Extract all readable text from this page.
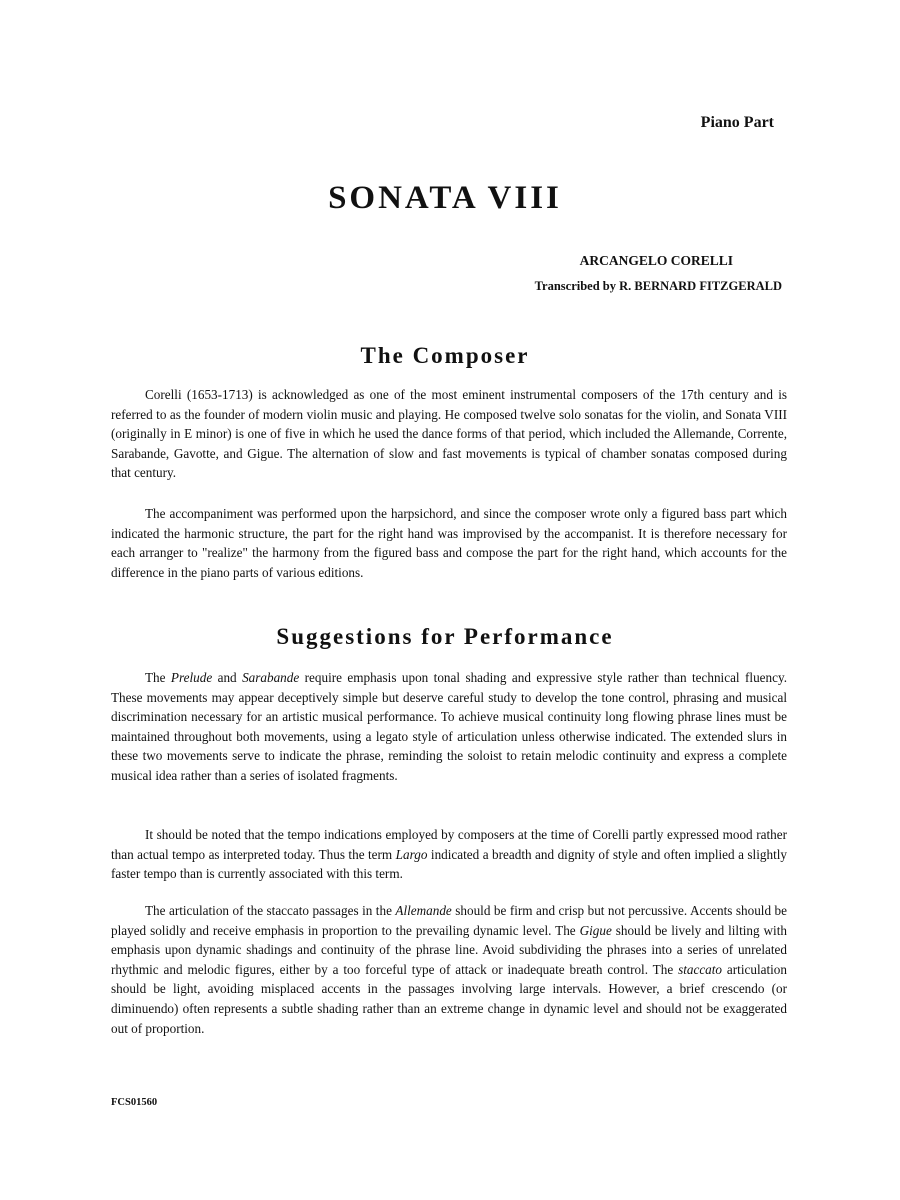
Piano Part
SONATA VIII
ARCANGELO CORELLI
Transcribed by R. BERNARD FITZGERALD
The Composer

Corelli (1653-1713) is acknowledged as one of the most eminent instrumental composers of the 17th century and is referred to as the founder of modern violin music and playing. He composed twelve solo sonatas for the violin, and Sonata VIII (originally in E minor) is one of five in which he used the dance forms of that period, which included the Allemande, Corrente, Sarabande, Gavotte, and Gigue. The alternation of slow and fast movements is typical of chamber sonatas composed during that century.

The accompaniment was performed upon the harpsichord, and since the composer wrote only a figured bass part which indicated the harmonic structure, the part for the right hand was improvised by the accompanist. It is therefore necessary for each arranger to "realize" the harmony from the figured bass and compose the part for the right hand, which accounts for the difference in the piano parts of various editions.

Suggestions for Performance

The Prelude and Sarabande require emphasis upon tonal shading and expressive style rather than technical fluency. These movements may appear deceptively simple but deserve careful study to develop the tone control, phrasing and musical discrimination necessary for an artistic musical performance. To achieve musical continuity long flowing phrase lines must be maintained throughout both movements, using a legato style of articulation unless otherwise indicated. The extended slurs in these two movements serve to indicate the phrase, reminding the soloist to retain melodic continuity and express a complete musical idea rather than a series of isolated fragments.

It should be noted that the tempo indications employed by composers at the time of Corelli partly expressed mood rather than actual tempo as interpreted today. Thus the term Largo indicated a breadth and dignity of style and often implied a slightly faster tempo than is currently associated with this term.

The articulation of the staccato passages in the Allemande should be firm and crisp but not percussive. Accents should be played solidly and receive emphasis in proportion to the prevailing dynamic level. The Gigue should be lively and lilting with emphasis upon dynamic shadings and continuity of the phrase line. Avoid subdividing the phrases into a series of unrelated rhythmic and melodic figures, either by a too forceful type of attack or inadequate breath control. The staccato articulation should be light, avoiding misplaced accents in the passages involving large intervals. However, a brief crescendo (or diminuendo) often represents a subtle shading rather than an extreme change in dynamic level and should not be exaggerated out of proportion.

FCS01560
